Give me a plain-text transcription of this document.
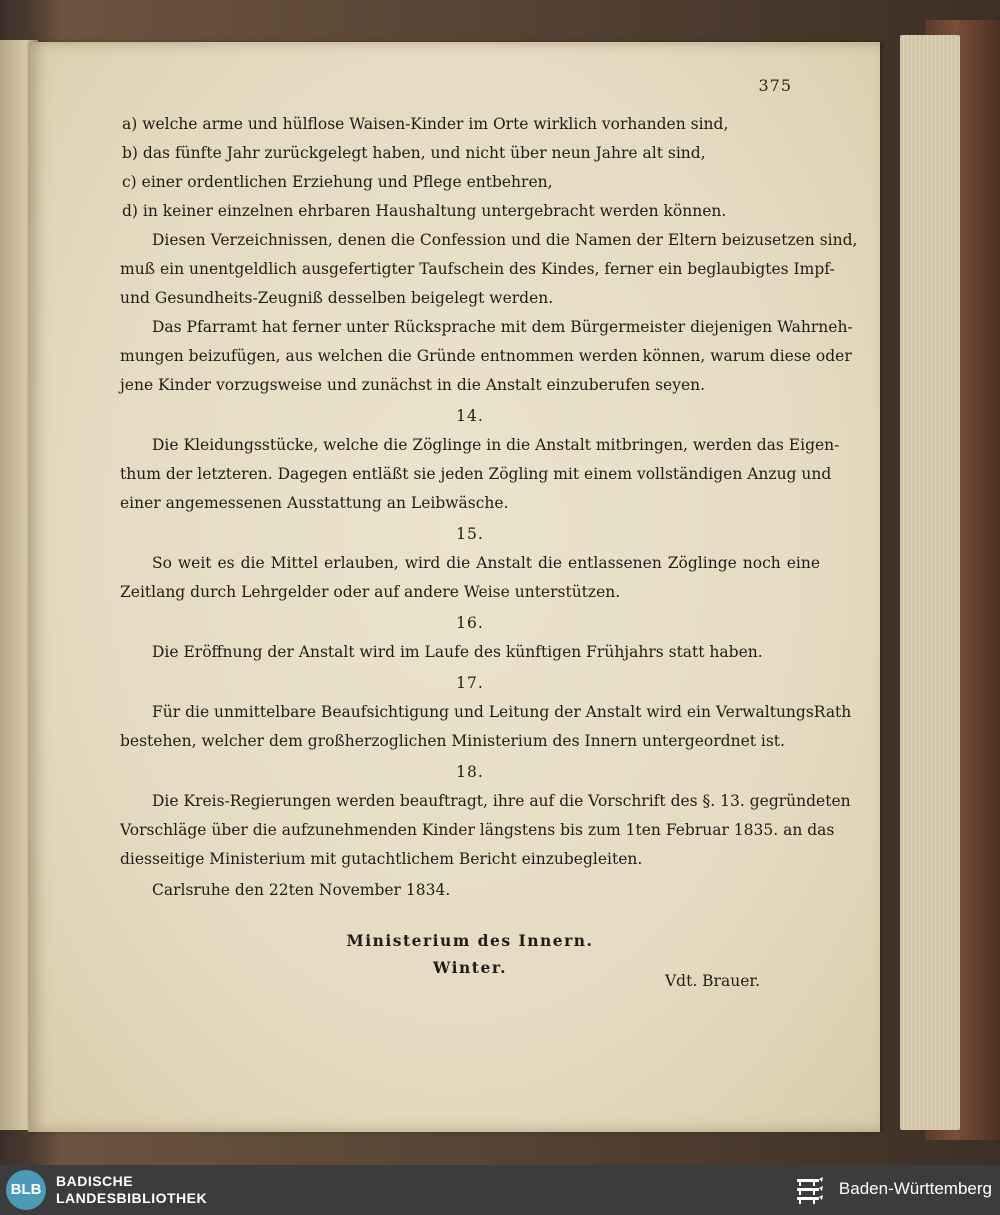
375
a) welche arme und hülflose Waisen-Kinder im Orte wirklich vorhanden sind,
b) das fünfte Jahr zurückgelegt haben, und nicht über neun Jahre alt sind,
c) einer ordentlichen Erziehung und Pflege entbehren,
d) in keiner einzelnen ehrbaren Haushaltung untergebracht werden können.
Diesen Verzeichnissen, denen die Confession und die Namen der Eltern beizusetzen sind,
muß ein unentgeldlich ausgefertigter Taufschein des Kindes, ferner ein beglaubigtes Impf-
und Gesundheits-Zeugniß desselben beigelegt werden.
Das Pfarramt hat ferner unter Rücksprache mit dem Bürgermeister diejenigen Wahrneh-
mungen beizufügen, aus welchen die Gründe entnommen werden können, warum diese oder
jene Kinder vorzugsweise und zunächst in die Anstalt einzuberufen seyen.
14.
Die Kleidungsstücke, welche die Zöglinge in die Anstalt mitbringen, werden das Eigen-
thum der letzteren. Dagegen entläßt sie jeden Zögling mit einem vollständigen Anzug und
einer angemessenen Ausstattung an Leibwäsche.
15.
So weit es die Mittel erlauben, wird die Anstalt die entlassenen Zöglinge noch eine
Zeitlang durch Lehrgelder oder auf andere Weise unterstützen.
16.
Die Eröffnung der Anstalt wird im Laufe des künftigen Frühjahrs statt haben.
17.
Für die unmittelbare Beaufsichtigung und Leitung der Anstalt wird ein VerwaltungsRath
bestehen, welcher dem großherzoglichen Ministerium des Innern untergeordnet ist.
18.
Die Kreis-Regierungen werden beauftragt, ihre auf die Vorschrift des §. 13. gegründeten
Vorschläge über die aufzunehmenden Kinder längstens bis zum 1ten Februar 1835. an das
diesseitige Ministerium mit gutachtlichem Bericht einzubegleiten.
Carlsruhe den 22ten November 1834.
Ministerium des Innern.
Winter.
Vdt. Brauer.
BLB	BADISCHE
LANDESBIBLIOTHEK	Baden-Württemberg
